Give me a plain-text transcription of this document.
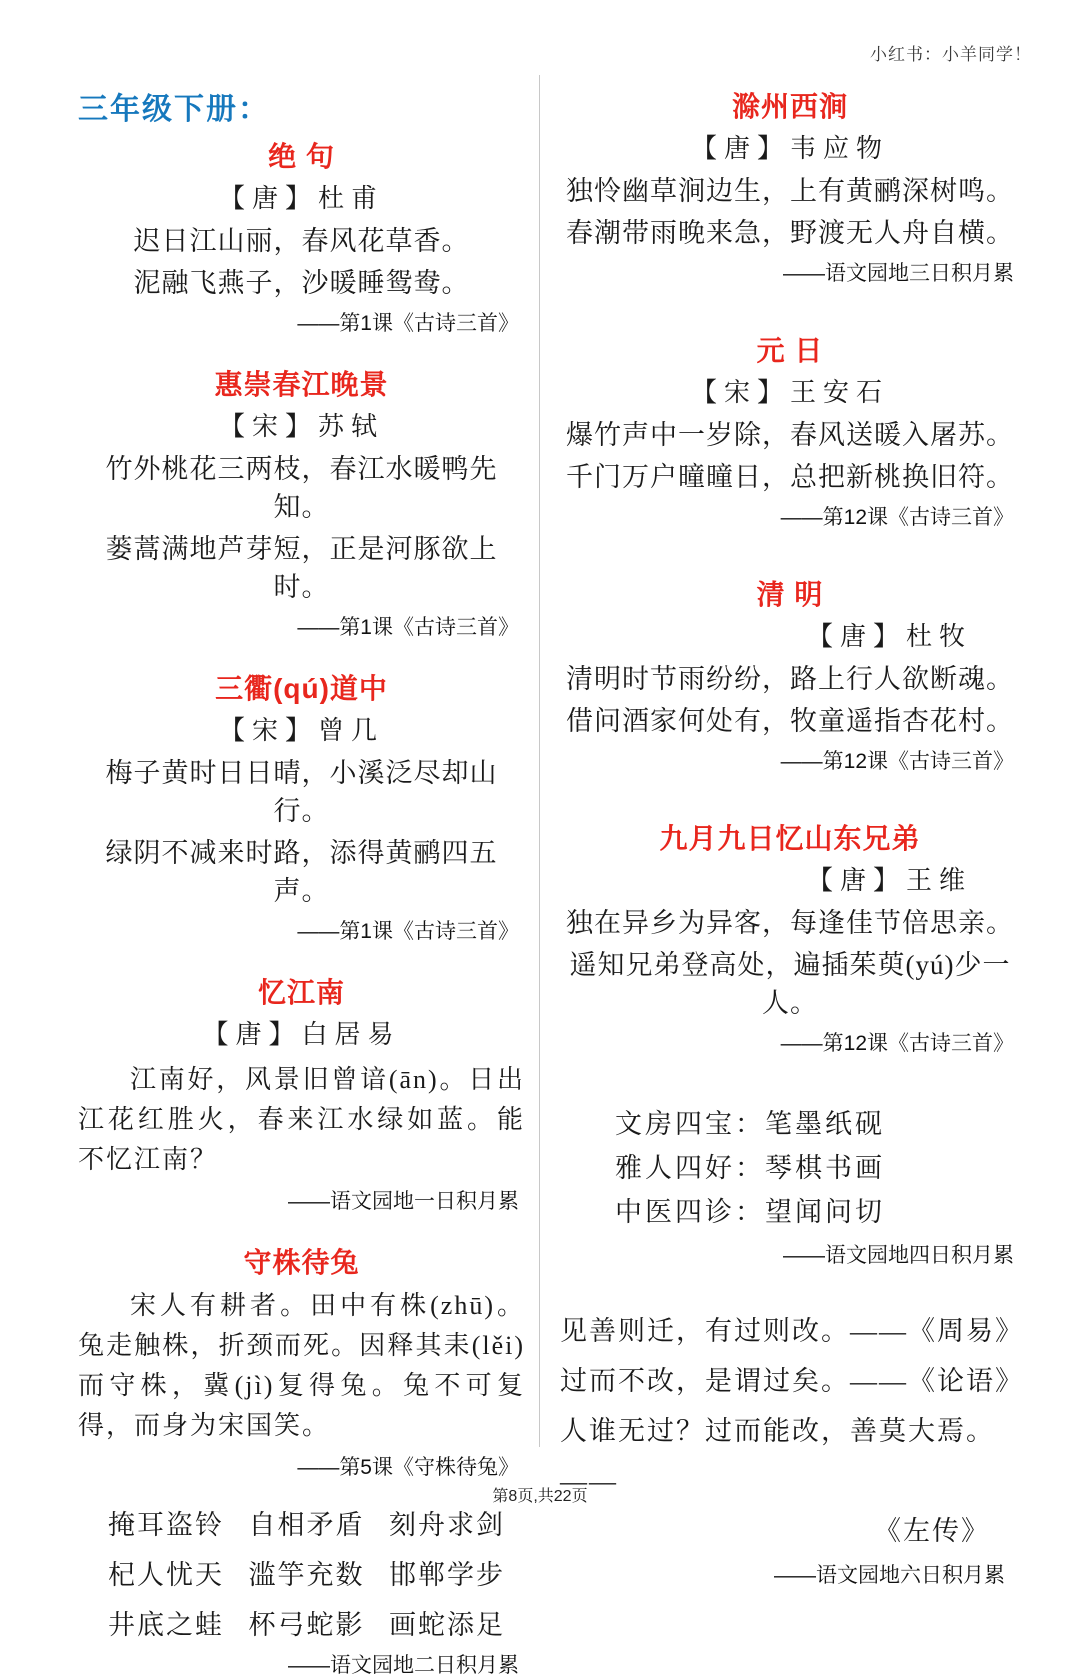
小红书：小羊同学！
三年级下册：
绝 句
【唐】杜甫
迟日江山丽，春风花草香。
泥融飞燕子，沙暖睡鸳鸯。
——第1课《古诗三首》
惠崇春江晚景
【宋】苏轼
竹外桃花三两枝，春江水暖鸭先知。
蒌蒿满地芦芽短，正是河豚欲上时。
——第1课《古诗三首》
三衢(qú)道中
【宋】曾几
梅子黄时日日晴，小溪泛尽却山行。
绿阴不减来时路，添得黄鹂四五声。
——第1课《古诗三首》
忆江南
【唐】白居易
江南好，风景旧曾谙(ān)。日出江花红胜火，春来江水绿如蓝。能不忆江南？
——语文园地一日积月累
守株待兔
宋人有耕者。田中有株(zhū)。兔走触株，折颈而死。因释其耒(lěi)而守株，冀(jì)复得兔。兔不可复得，而身为宋国笑。
——第5课《守株待兔》
掩耳盗铃 自相矛盾 刻舟求剑
杞人忧天 滥竽充数 邯郸学步
井底之蛙 杯弓蛇影 画蛇添足
——语文园地二日积月累
滁州西涧
【唐】韦应物
独怜幽草涧边生，上有黄鹂深树鸣。
春潮带雨晚来急，野渡无人舟自横。
——语文园地三日积月累
元 日
【宋】王安石
爆竹声中一岁除，春风送暖入屠苏。
千门万户曈曈日，总把新桃换旧符。
——第12课《古诗三首》
清 明
【唐】杜牧
清明时节雨纷纷，路上行人欲断魂。
借问酒家何处有，牧童遥指杏花村。
——第12课《古诗三首》
九月九日忆山东兄弟
【唐】王维
独在异乡为异客，每逢佳节倍思亲。
遥知兄弟登高处，遍插茱萸(yú)少一人。
——第12课《古诗三首》
文房四宝：笔墨纸砚
雅人四好：琴棋书画
中医四诊：望闻问切
——语文园地四日积月累
见善则迁，有过则改。——《周易》
过而不改，是谓过矣。——《论语》
人谁无过？过而能改，善莫大焉。——
《左传》
——语文园地六日积月累
第8页,共22页
